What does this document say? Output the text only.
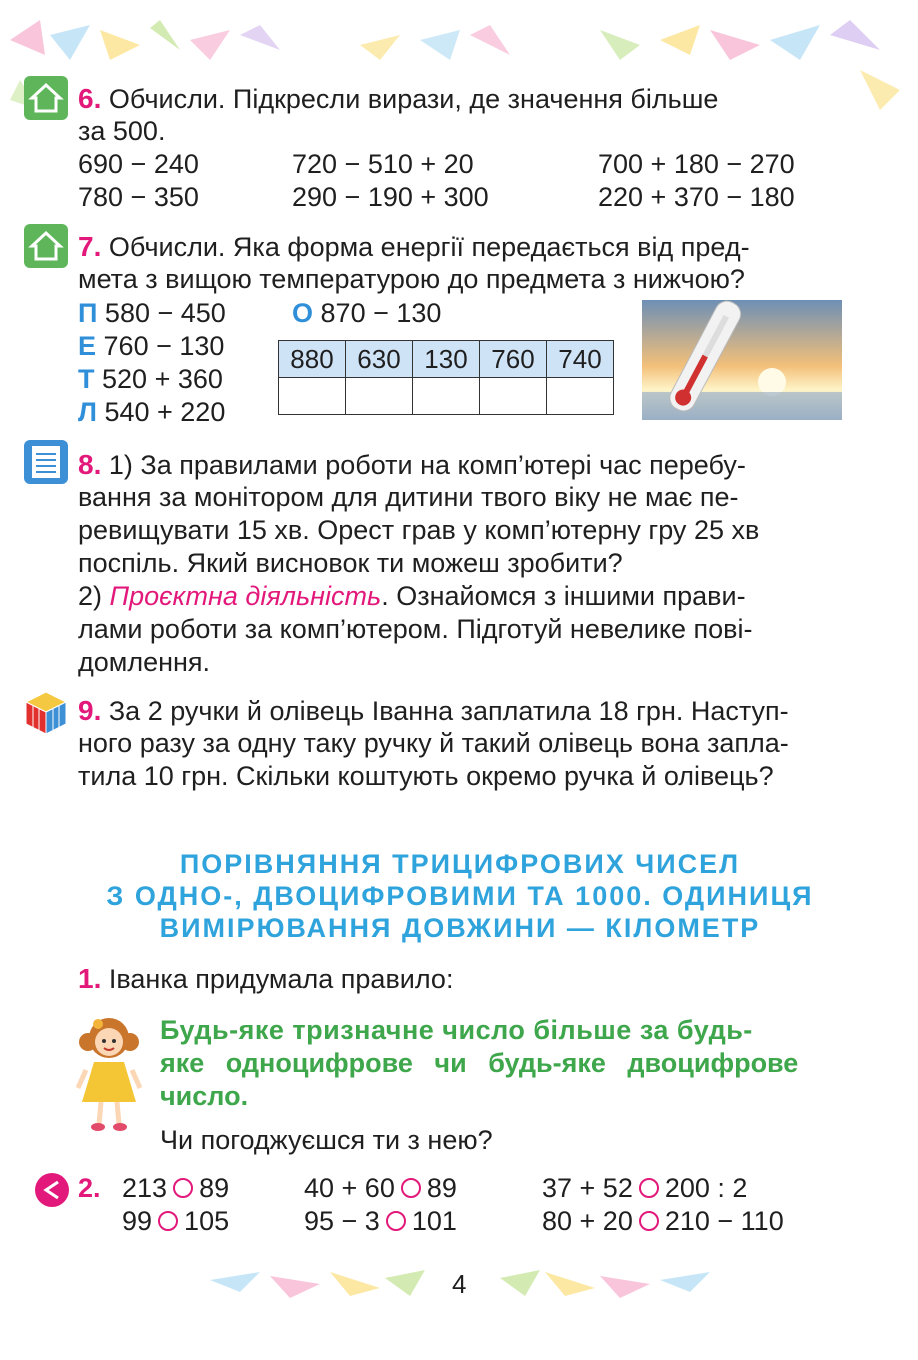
6. Обчисли. Підкресли вирази, де значення більше
за 500.
690 − 240	720 − 510 + 20	700 + 180 − 270
780 − 350	290 − 190 + 300	220 + 370 − 180
7. Обчисли. Яка форма енергії передається від пред-
мета з вищою температурою до предмета з нижчою?
П 580 − 450
Е 760 − 130
Т 520 + 360
Л 540 + 220
О 870 − 130
880	630	130	760	740

8. 1) За правилами роботи на комп’ютері час перебу-
вання за монітором для дитини твого віку не має пе-
ревищувати 15 хв. Орест грав у комп’ютерну гру 25 хв
поспіль. Який висновок ти можеш зробити?
2) Проєктна діяльність. Ознайомся з іншими прави-
лами роботи за комп’ютером. Підготуй невелике пові-
домлення.
9. За 2 ручки й олівець Іванна заплатила 18 грн. Наступ-
ного разу за одну таку ручку й такий олівець вона запла-
тила 10 грн. Скільки коштують окремо ручка й олівець?
ПОРІВНЯННЯ ТРИЦИФРОВИХ ЧИСЕЛ
З ОДНО-, ДВОЦИФРОВИМИ ТА 1000. ОДИНИЦЯ
ВИМІРЮВАННЯ ДОВЖИНИ — КІЛОМЕТР
1. Іванка придумала правило:
Будь-яке тризначне число більше за будь-
яке одноцифрове чи будь-яке двоцифрове
число.
Чи погоджуєшся ти з нею?
2. 213 89	40 + 60 89	37 + 52 200 : 2
99 105	95 − 3 101	80 + 20 210 − 110
4
